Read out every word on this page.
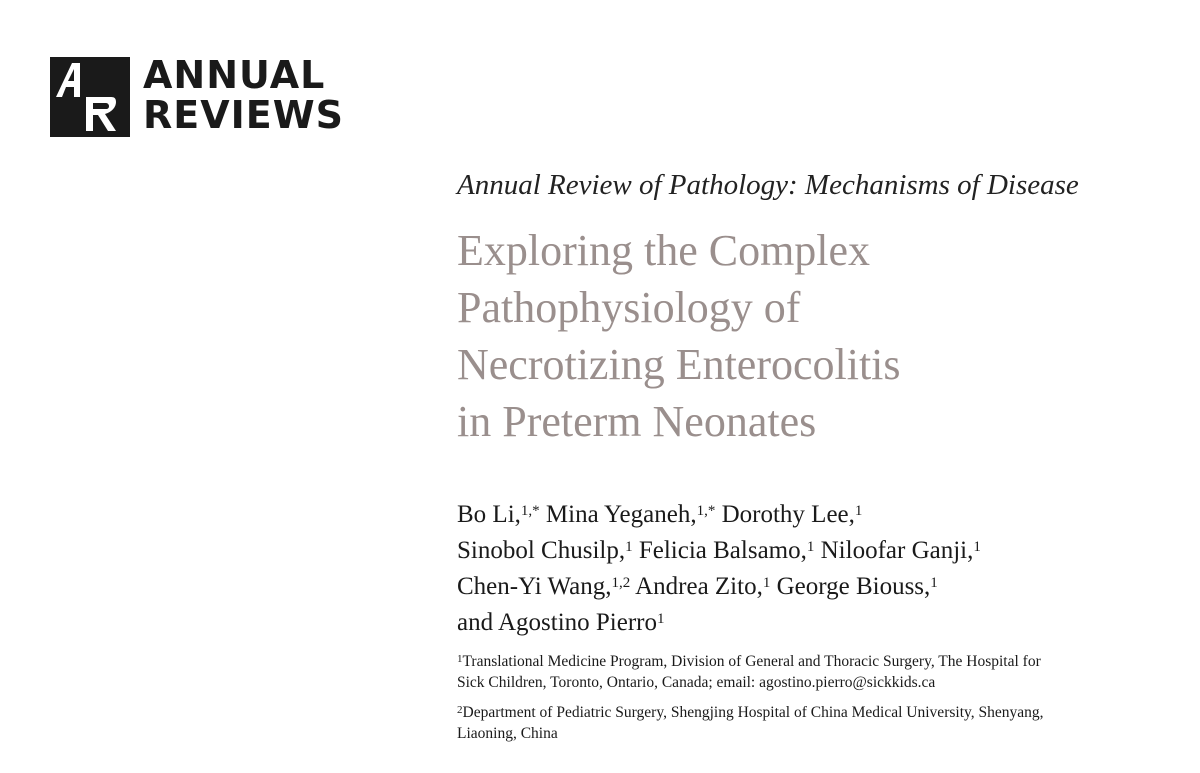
ANNUAL
REVIEWS
Annual Review of Pathology: Mechanisms of Disease
Exploring the Complex
Pathophysiology of
Necrotizing Enterocolitis
in Preterm Neonates
Bo Li,$^{1,*}$ Mina Yeganeh,$^{1,*}$ Dorothy Lee,$^1$
Sinobol Chusilp,$^1$ Felicia Balsamo,$^1$ Niloofar Ganji,$^1$
Chen-Yi Wang,$^{1,2}$ Andrea Zito,$^1$ George Biouss,$^1$
and Agostino Pierro$^1$
$^1$Translational Medicine Program, Division of General and Thoracic Surgery, The Hospital for
Sick Children, Toronto, Ontario, Canada; email: agostino.pierro@sickkids.ca
$^2$Department of Pediatric Surgery, Shengjing Hospital of China Medical University, Shenyang,
Liaoning, China
